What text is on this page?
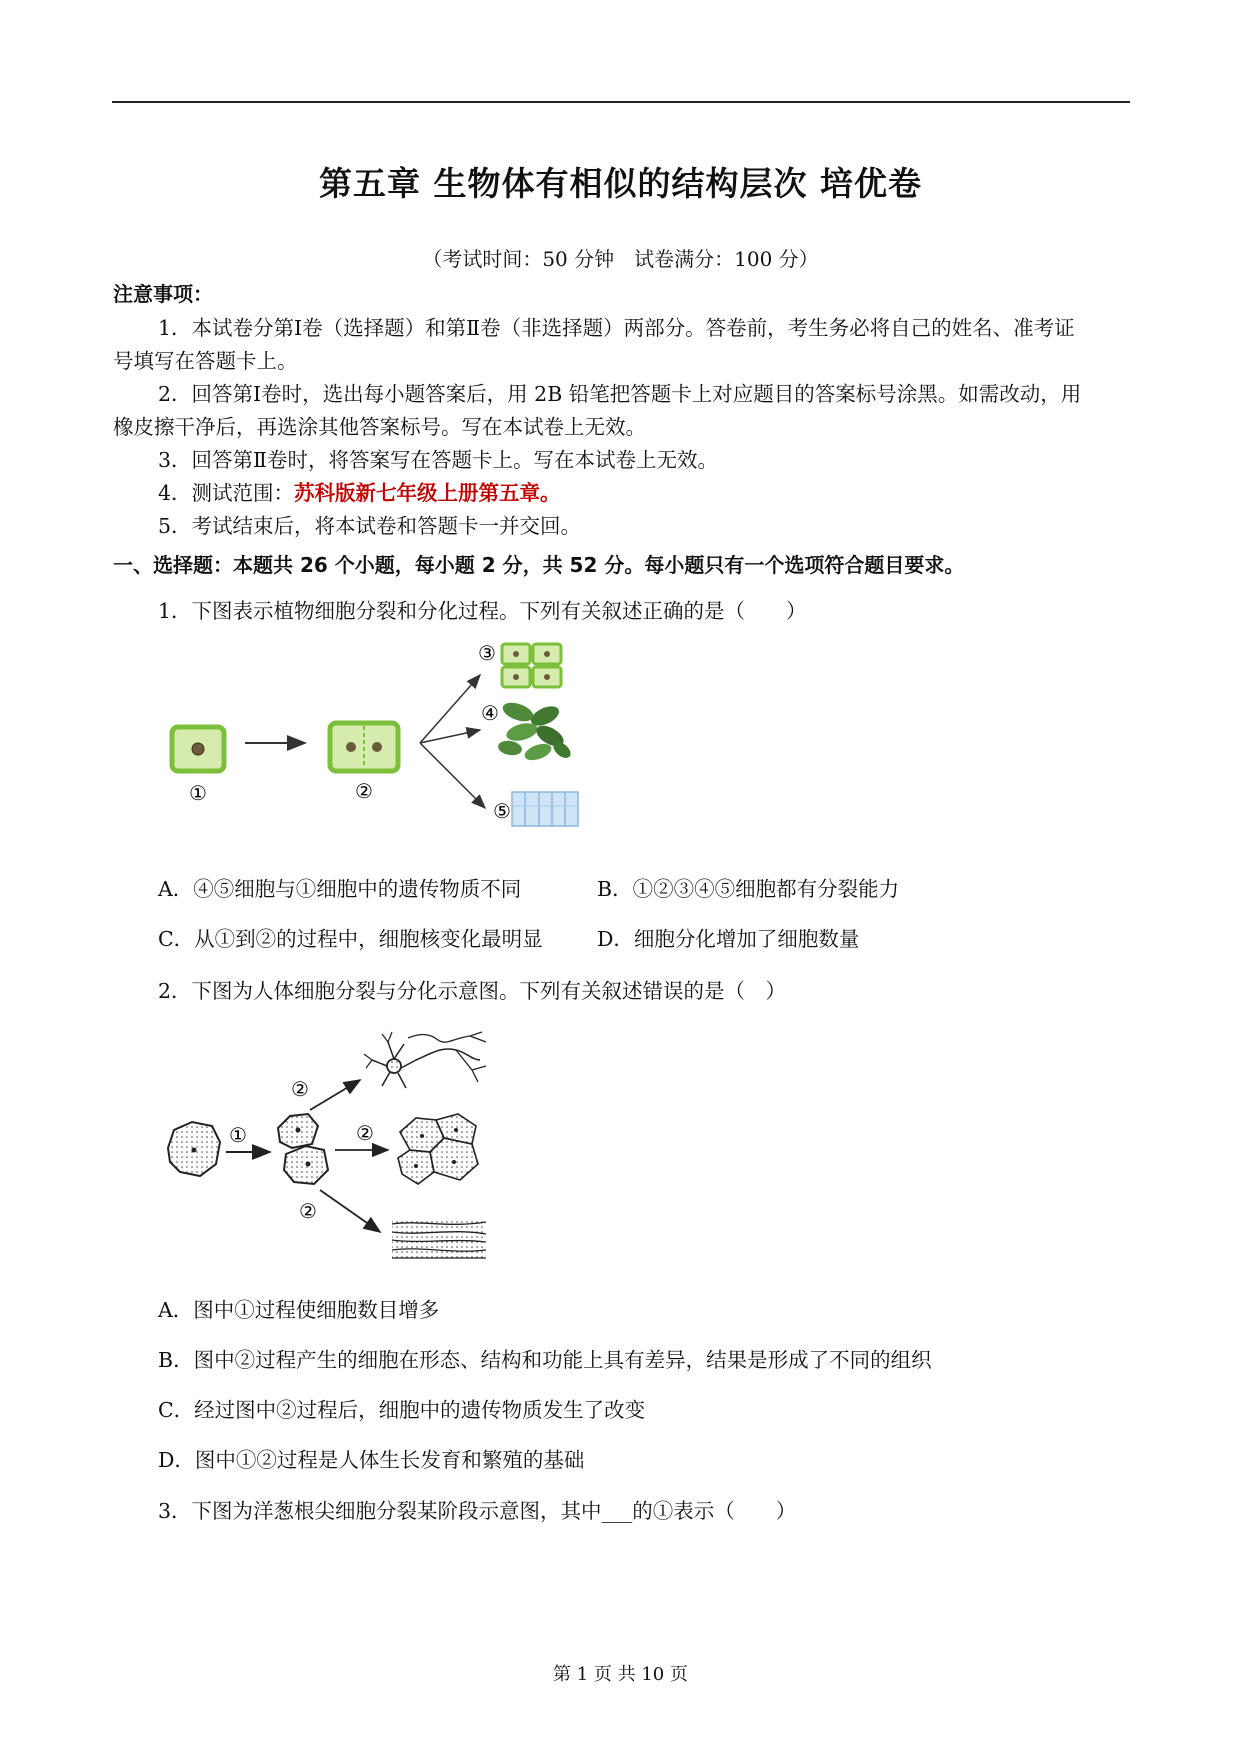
第五章 生物体有相似的结构层次 培优卷
（考试时间：50 分钟　试卷满分：100 分）
注意事项：
1．本试卷分第Ⅰ卷（选择题）和第Ⅱ卷（非选择题）两部分。答卷前，考生务必将自己的姓名、准考证
号填写在答题卡上。
2．回答第Ⅰ卷时，选出每小题答案后，用 2B 铅笔把答题卡上对应题目的答案标号涂黑。如需改动，用
橡皮擦干净后，再选涂其他答案标号。写在本试卷上无效。
3．回答第Ⅱ卷时，将答案写在答题卡上。写在本试卷上无效。
4．测试范围：苏科版新七年级上册第五章。
5．考试结束后，将本试卷和答题卡一并交回。
一、选择题：本题共 26 个小题，每小题 2 分，共 52 分。每小题只有一个选项符合题目要求。
1．下图表示植物细胞分裂和分化过程。下列有关叙述正确的是（　　）
①	②
③
④
⑤
A．④⑤细胞与①细胞中的遗传物质不同	B．①②③④⑤细胞都有分裂能力
C．从①到②的过程中，细胞核变化最明显	D．细胞分化增加了细胞数量
2．下图为人体细胞分裂与分化示意图。下列有关叙述错误的是（　）
①
②
②
②
A．图中①过程使细胞数目增多
B．图中②过程产生的细胞在形态、结构和功能上具有差异，结果是形成了不同的组织
C．经过图中②过程后，细胞中的遗传物质发生了改变
D．图中①②过程是人体生长发育和繁殖的基础
3．下图为洋葱根尖细胞分裂某阶段示意图，其中___的①表示（　　）
第 1 页 共 10 页
